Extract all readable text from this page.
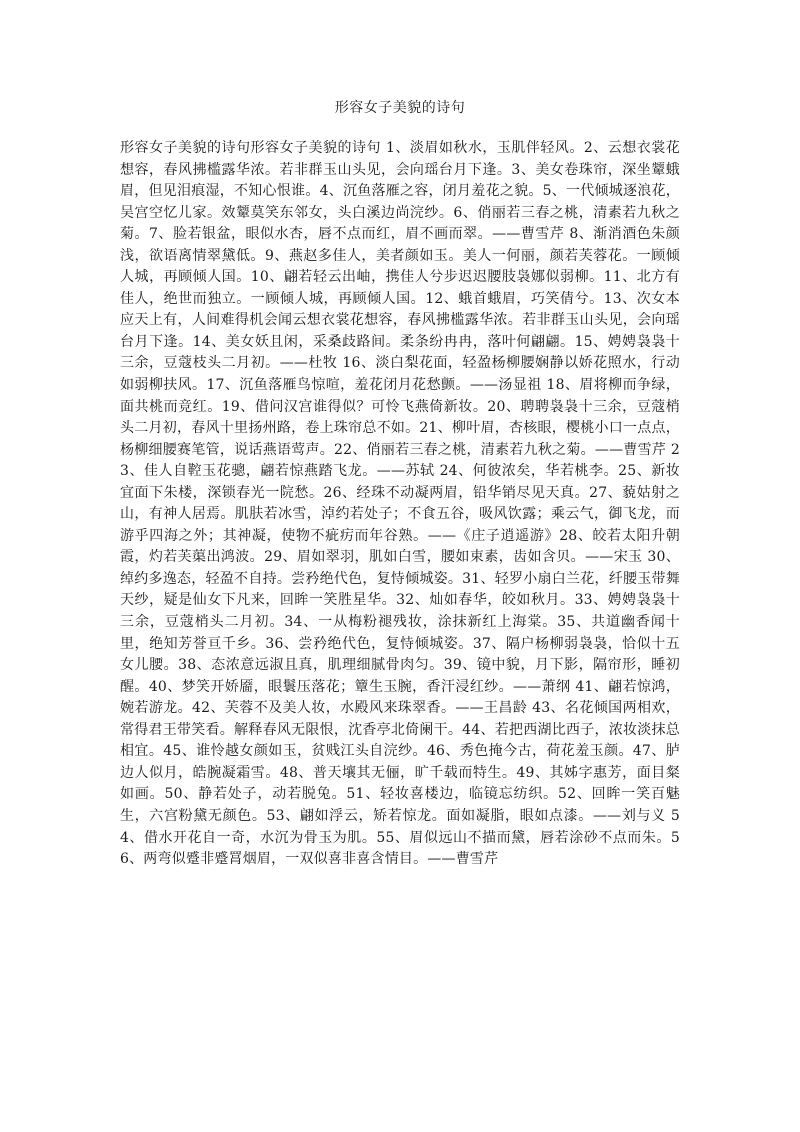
形容女子美貌的诗句
形容女子美貌的诗句形容女子美貌的诗句 1、淡眉如秋水，玉肌伴轻风。2、云想衣裳花想容，春风拂槛露华浓。若非群玉山头见，会向瑶台月下逢。3、美女卷珠帘，深坐颦蛾眉，但见泪痕湿，不知心恨谁。4、沉鱼落雁之容，闭月羞花之貌。5、一代倾城逐浪花，吴宫空忆儿家。效颦莫笑东邻女，头白溪边尚浣纱。6、俏丽若三春之桃，清素若九秋之菊。7、脸若银盆，眼似水杏，唇不点而红，眉不画而翠。——曹雪芹 8、渐消酒色朱颜浅，欲语离情翠黛低。9、燕赵多佳人，美者颜如玉。美人一何丽，颜若芙蓉花。一顾倾人城，再顾倾人国。10、翩若轻云出岫，携佳人兮步迟迟腰肢袅娜似弱柳。11、北方有佳人，绝世而独立。一顾倾人城，再顾倾人国。12、蛾首蛾眉，巧笑倩兮。13、次女本应天上有，人间难得机会闻云想衣裳花想容，春风拂槛露华浓。若非群玉山头见，会向瑶台月下逢。14、美女妖且闲，采桑歧路间。柔条纷冉冉，落叶何翩翩。15、娉娉袅袅十三余，豆蔻枝头二月初。——杜牧 16、淡白梨花面，轻盈杨柳腰娴静以娇花照水，行动如弱柳扶风。17、沉鱼落雁鸟惊喧，羞花闭月花愁颤。——汤显祖 18、眉将柳而争绿，面共桃而竞红。19、借问汉宫谁得似？可怜飞燕倚新妆。20、聘聘袅袅十三余，豆蔻梢头二月初，春风十里扬州路，卷上珠帘总不如。21、柳叶眉，杏核眼，樱桃小口一点点，杨柳细腰赛笔管，说话燕语莺声。22、俏丽若三春之桃，清素若九秋之菊。——曹雪芹 23、佳人自鞚玉花骢，翩若惊燕踏飞龙。——苏轼 24、何彼浓矣，华若桃李。25、新妆宜面下朱楼，深锁春光一院愁。26、经珠不动凝两眉，铅华销尽见天真。27、藐姑射之山，有神人居焉。肌肤若冰雪，淖约若处子；不食五谷，吸风饮露；乘云气，御飞龙，而游乎四海之外；其神凝，使物不疵疠而年谷熟。——《庄子逍遥游》28、皎若太阳升朝霞，灼若芙蕖出鸿波。29、眉如翠羽，肌如白雪，腰如束素，齿如含贝。——宋玉 30、绰约多逸态，轻盈不自持。尝矜绝代色，复恃倾城姿。31、轻罗小扇白兰花，纤腰玉带舞天纱，疑是仙女下凡来，回眸一笑胜星华。32、灿如春华，皎如秋月。33、娉娉袅袅十三余，豆蔻梢头二月初。34、一从梅粉褪残妆，涂抹新红上海棠。35、共道幽香闻十里，绝知芳誉亘千乡。36、尝矜绝代色，复恃倾城姿。37、隔户杨柳弱袅袅，恰似十五女儿腰。38、态浓意远淑且真，肌理细腻骨肉匀。39、镜中貌，月下影，隔帘形，睡初醒。40、梦笑开娇靥，眼鬟压落花；簟生玉腕，香汗浸红纱。——萧纲 41、翩若惊鸿，婉若游龙。42、芙蓉不及美人妆，水殿风来珠翠香。——王昌龄 43、名花倾国两相欢，常得君王带笑看。解释春风无限恨，沈香亭北倚阑干。44、若把西湖比西子，浓妆淡抹总相宜。45、谁怜越女颜如玉，贫贱江头自浣纱。46、秀色掩今古，荷花羞玉颜。47、胪边人似月，皓腕凝霜雪。48、普天壤其无俪，旷千载而特生。49、其姊字惠芳，面目粲如画。50、静若处子，动若脱兔。51、轻妆喜楼边，临镜忘纺织。52、回眸一笑百魅生，六宫粉黛无颜色。53、翩如浮云，矫若惊龙。面如凝脂，眼如点漆。——刘与义 54、借水开花自一奇，水沉为骨玉为肌。55、眉似远山不描而黛，唇若涂砂不点而朱。56、两弯似蹙非蹙罥烟眉，一双似喜非喜含情目。——曹雪芹
